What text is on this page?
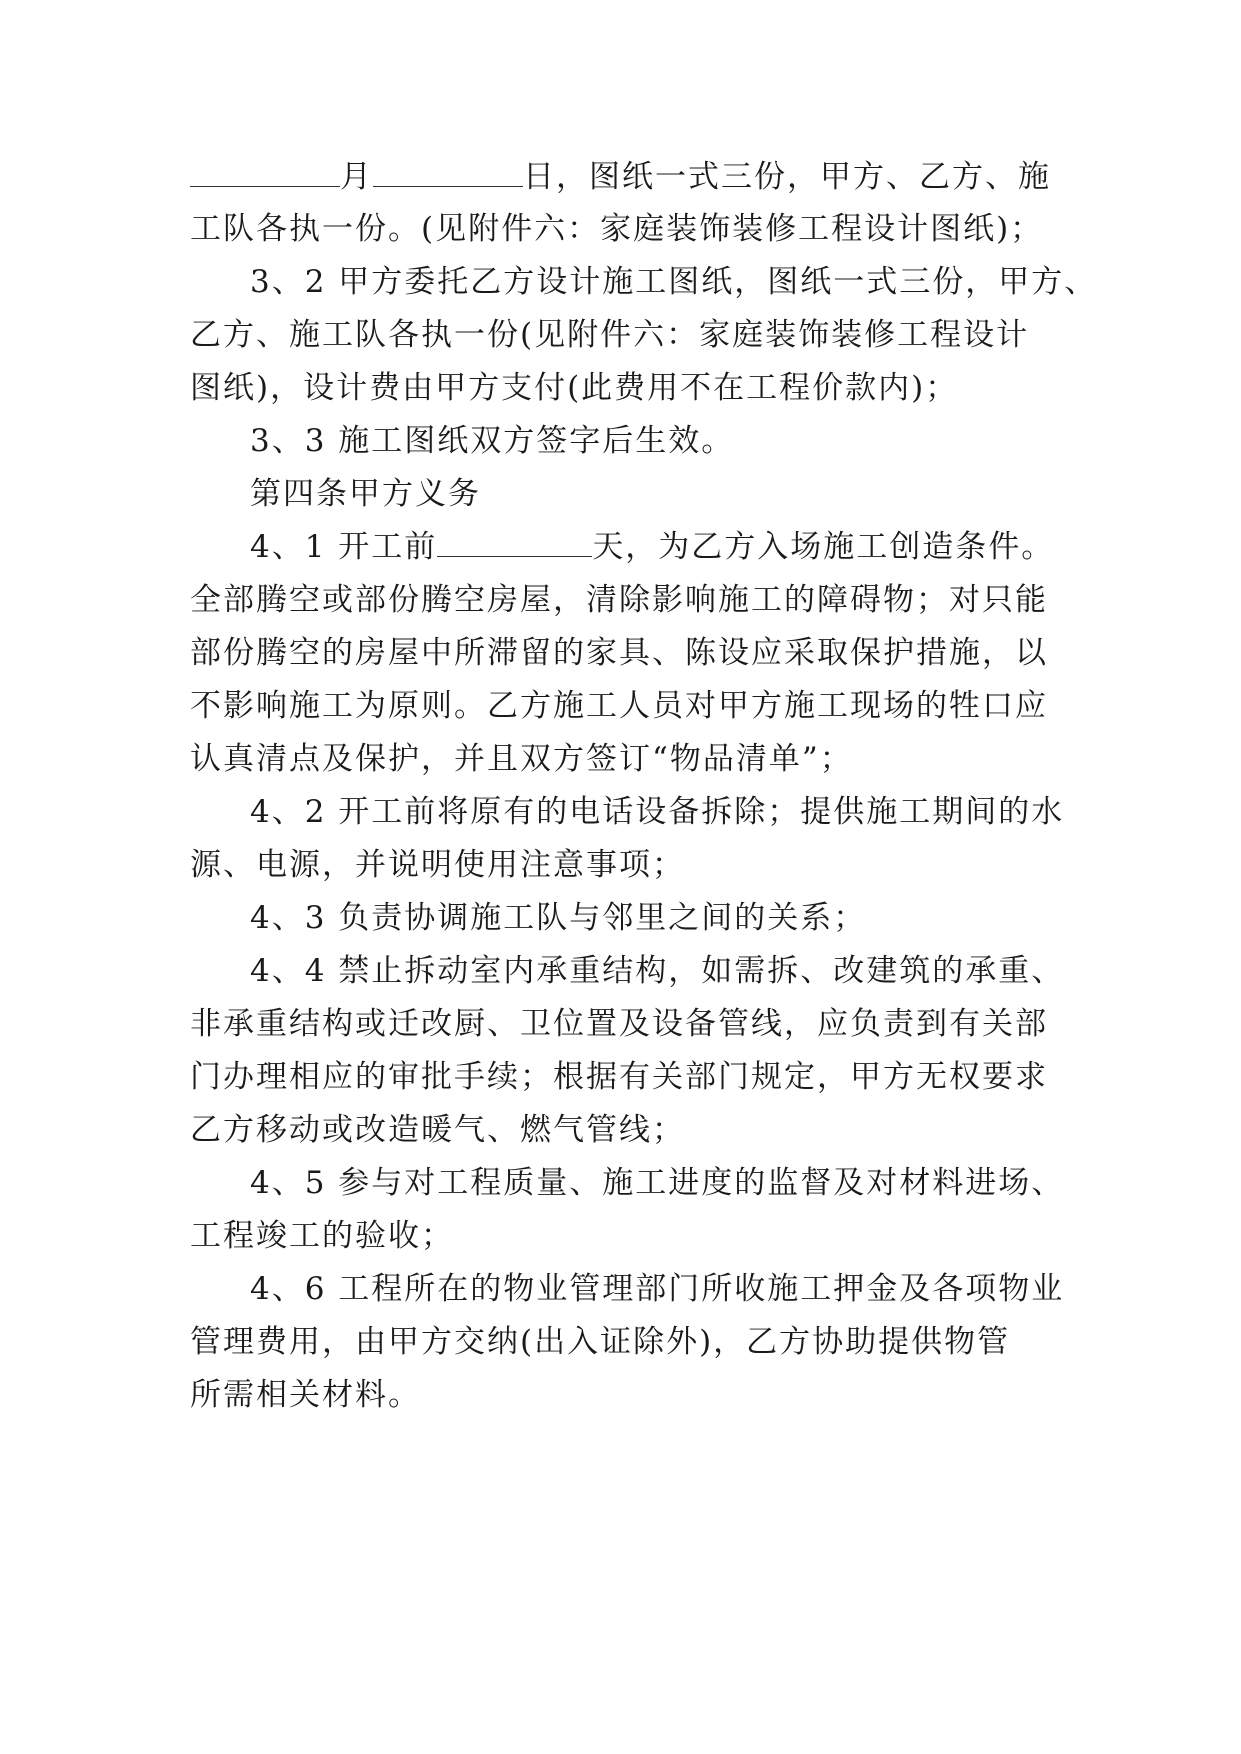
月	日，图纸一式三份，甲方、乙方、施
工队各执一份。(见附件六：家庭装饰装修工程设计图纸)；
3、2 甲方委托乙方设计施工图纸，图纸一式三份，甲方、
乙方、施工队各执一份(见附件六：家庭装饰装修工程设计
图纸)，设计费由甲方支付(此费用不在工程价款内)；
3、3 施工图纸双方签字后生效。
第四条甲方义务
4、1 开工前	天，为乙方入场施工创造条件。
全部腾空或部份腾空房屋，清除影响施工的障碍物；对只能
部份腾空的房屋中所滞留的家具、陈设应采取保护措施，以
不影响施工为原则。乙方施工人员对甲方施工现场的牲口应
认真清点及保护，并且双方签订“物品清单”；
4、2 开工前将原有的电话设备拆除；提供施工期间的水
源、电源，并说明使用注意事项；
4、3 负责协调施工队与邻里之间的关系；
4、4 禁止拆动室内承重结构，如需拆、改建筑的承重、
非承重结构或迁改厨、卫位置及设备管线，应负责到有关部
门办理相应的审批手续；根据有关部门规定，甲方无权要求
乙方移动或改造暖气、燃气管线；
4、5 参与对工程质量、施工进度的监督及对材料进场、
工程竣工的验收；
4、6 工程所在的物业管理部门所收施工押金及各项物业
管理费用，由甲方交纳(出入证除外)，乙方协助提供物管
所需相关材料。
